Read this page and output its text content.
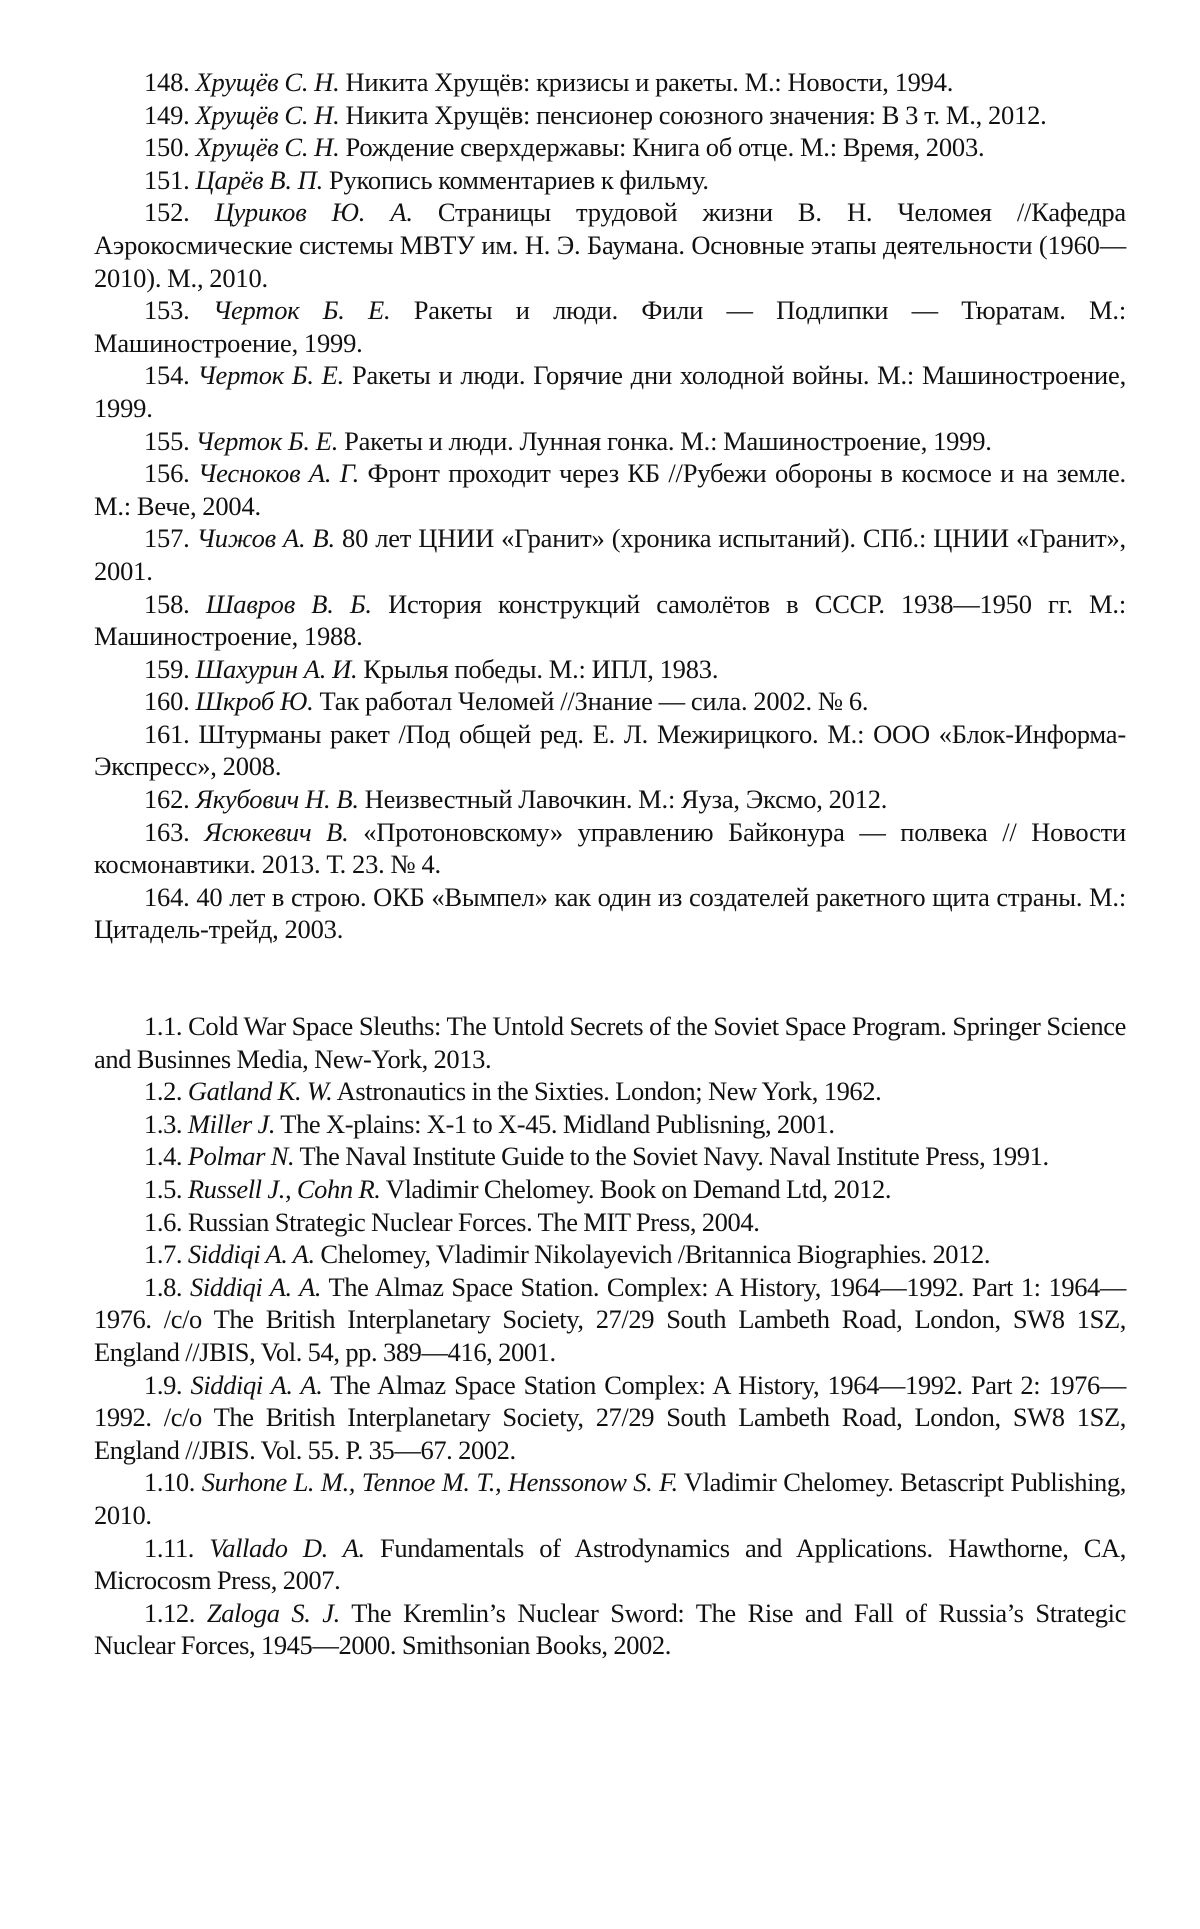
148. Хрущёв С. Н. Никита Хрущёв: кризисы и ракеты. М.: Новости, 1994.

149. Хрущёв С. Н. Никита Хрущёв: пенсионер союзного значения: В 3 т. М., 2012.

150. Хрущёв С. Н. Рождение сверхдержавы: Книга об отце. М.: Время, 2003.

151. Царёв В. П. Рукопись комментариев к фильму.

152. Цуриков Ю. А. Страницы трудовой жизни В. Н. Челомея //Кафедра Аэрокосмические системы МВТУ им. Н. Э. Баумана. Основные этапы деятельности (1960—2010). М., 2010.

153. Черток Б. Е. Ракеты и люди. Фили — Подлипки — Тюратам. М.: Машиностроение, 1999.

154. Черток Б. Е. Ракеты и люди. Горячие дни холодной войны. М.: Машиностроение, 1999.

155. Черток Б. Е. Ракеты и люди. Лунная гонка. М.: Машиностроение, 1999.

156. Чесноков А. Г. Фронт проходит через КБ //Рубежи обороны в космосе и на земле. М.: Вече, 2004.

157. Чижов А. В. 80 лет ЦНИИ «Гранит» (хроника испытаний). СПб.: ЦНИИ «Гранит», 2001.

158. Шавров В. Б. История конструкций самолётов в СССР. 1938—1950 гг. М.: Машиностроение, 1988.

159. Шахурин А. И. Крылья победы. М.: ИПЛ, 1983.

160. Шкроб Ю. Так работал Челомей //Знание — сила. 2002. № 6.

161. Штурманы ракет /Под общей ред. Е. Л. Межирицкого. М.: ООО «Блок-Информа-Экспресс», 2008.

162. Якубович Н. В. Неизвестный Лавочкин. М.: Яуза, Эксмо, 2012.

163. Ясюкевич В. «Протоновскому» управлению Байконура — полвека // Новости космонавтики. 2013. Т. 23. № 4.

164. 40 лет в строю. ОКБ «Вымпел» как один из создателей ракетного щита страны. М.: Цитадель-трейд, 2003.

1.1. Cold War Space Sleuths: The Untold Secrets of the Soviet Space Program. Springer Science and Businnes Media, New-York, 2013.

1.2. Gatland K. W. Astronautics in the Sixties. London; New York, 1962.

1.3. Miller J. The X-plains: X-1 to X-45. Midland Publisning, 2001.

1.4. Polmar N. The Naval Institute Guide to the Soviet Navy. Naval Institute Press, 1991.

1.5. Russell J., Cohn R. Vladimir Chelomey. Book on Demand Ltd, 2012.

1.6. Russian Strategic Nuclear Forces. The MIT Press, 2004.

1.7. Siddiqi A. A. Chelomey, Vladimir Nikolayevich /Britannica Biographies. 2012.

1.8. Siddiqi A. A. The Almaz Space Station. Complex: A History, 1964—1992. Part 1: 1964—1976. /c/o The British Interplanetary Society, 27/29 South Lambeth Road, London, SW8 1SZ, England //JBIS, Vol. 54, pp. 389—416, 2001.

1.9. Siddiqi A. A. The Almaz Space Station Complex: A History, 1964—1992. Part 2: 1976—1992. /c/o The British Interplanetary Society, 27/29 South Lambeth Road, London, SW8 1SZ, England //JBIS. Vol. 55. P. 35—67. 2002.

1.10. Surhone L. M., Tennoe M. T., Henssonow S. F. Vladimir Chelomey. Betascript Publishing, 2010.

1.11. Vallado D. A. Fundamentals of Astrodynamics and Applications. Hawthorne, CA, Microcosm Press, 2007.

1.12. Zaloga S. J. The Kremlin’s Nuclear Sword: The Rise and Fall of Russia’s Strategic Nuclear Forces, 1945—2000. Smithsonian Books, 2002.
